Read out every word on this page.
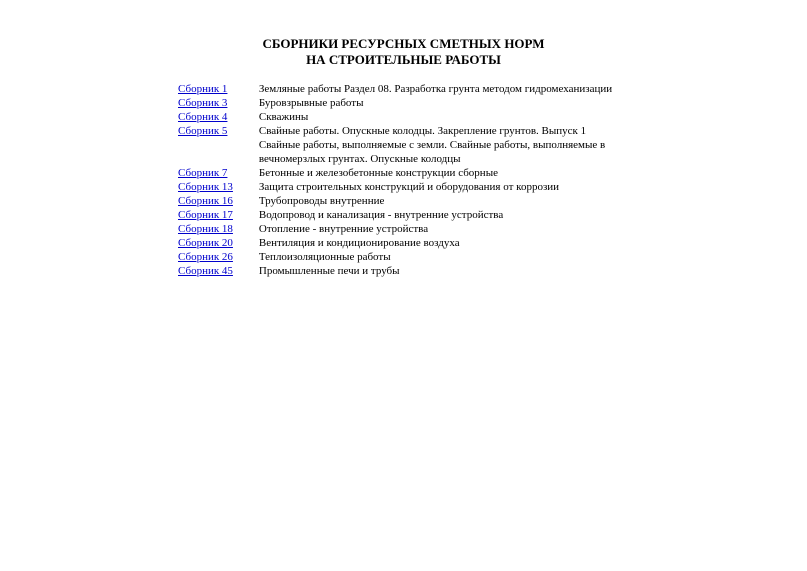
СБОРНИКИ РЕСУРСНЫХ СМЕТНЫХ НОРМ
НА СТРОИТЕЛЬНЫЕ РАБОТЫ
Сборник 1	Земляные работы Раздел 08. Разработка грунта методом гидромеханизации
Сборник 3	Буровзрывные работы
Сборник 4	Скважины
Сборник 5	Свайные работы. Опускные колодцы. Закрепление грунтов. Выпуск 1
	Свайные работы, выполняемые с земли. Свайные работы, выполняемые в вечномерзлых грунтах. Опускные колодцы
Сборник 7	Бетонные и железобетонные конструкции сборные
Сборник 13	Защита строительных конструкций и оборудования от коррозии
Сборник 16	Трубопроводы внутренние
Сборник 17	Водопровод и канализация - внутренние устройства
Сборник 18	Отопление - внутренние устройства
Сборник 20	Вентиляция и кондиционирование воздуха
Сборник 26	Теплоизоляционные работы
Сборник 45	Промышленные печи и трубы
